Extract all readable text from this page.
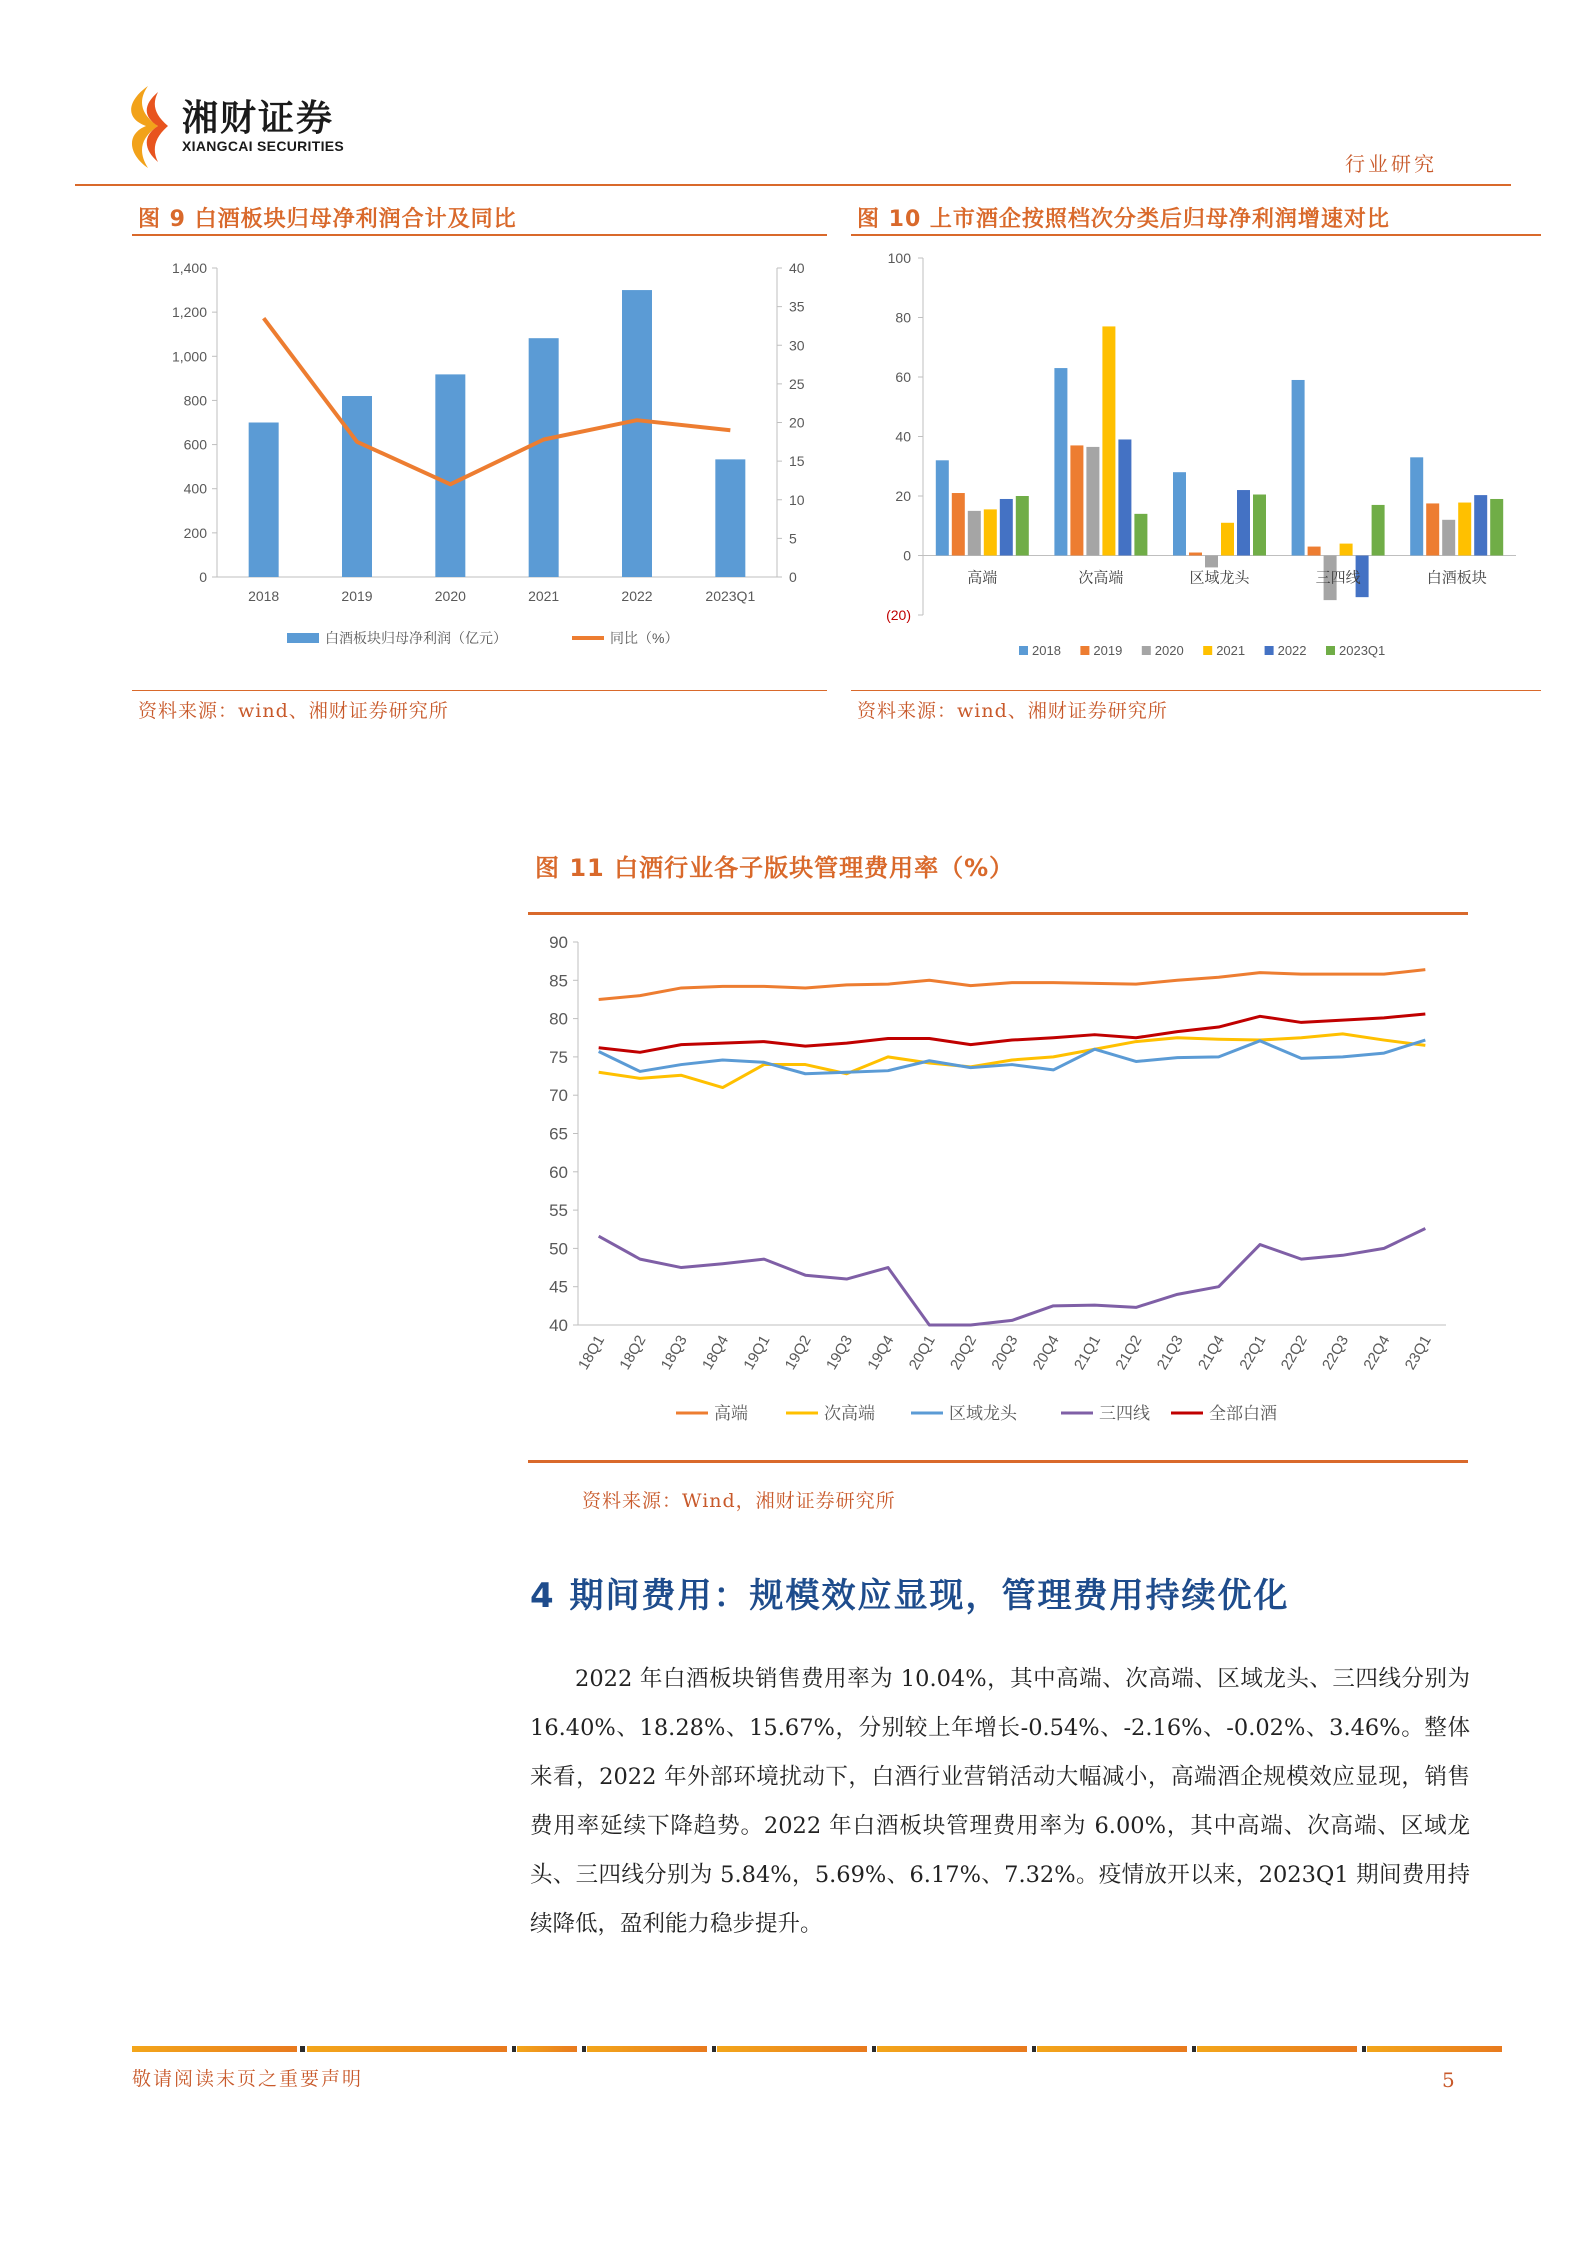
湘财证券
XIANGCAI SECURITIES
行业研究
图 9 白酒板块归母净利润合计及同比
0
200
400
600
800
1,000
1,200
1,400
0
5
10
15
20
25
30
35
40
2018	2019	2020	2021	2022	2023Q1
白酒板块归母净利润（亿元）	同比（%）
资料来源：wind、湘财证券研究所
图 10 上市酒企按照档次分类后归母净利润增速对比
(20)
0
20
40
60
80
100
高端	次高端	区域龙头	三四线	白酒板块
2018 2019 2020 2021 2022 2023Q1
资料来源：wind、湘财证券研究所
图 11 白酒行业各子版块管理费用率（%）
40
45
50
55
60
65
70
75
80
85
90
18Q1 18Q2 18Q3 18Q4 19Q1 19Q2 19Q3 19Q4 20Q1 20Q2 20Q3 20Q4 21Q1 21Q2 21Q3 21Q4 22Q1 22Q2 22Q3 22Q4 23Q1
高端	次高端	区域龙头	三四线	全部白酒
资料来源：Wind，湘财证券研究所
4 期间费用：规模效应显现，管理费用持续优化

2022 年白酒板块销售费用率为 10.04%，其中高端、次高端、区域龙头、三四线分别为 16.40%、18.28%、15.67%，分别较上年增长-0.54%、-2.16%、-0.02%、3.46%。整体来看，2022 年外部环境扰动下，白酒行业营销活动大幅减小，高端酒企规模效应显现，销售费用率延续下降趋势。2022 年白酒板块管理费用率为 6.00%，其中高端、次高端、区域龙头、三四线分别为 5.84%，5.69%、6.17%、7.32%。疫情放开以来，2023Q1 期间费用持续降低，盈利能力稳步提升。

敬请阅读末页之重要声明	5
